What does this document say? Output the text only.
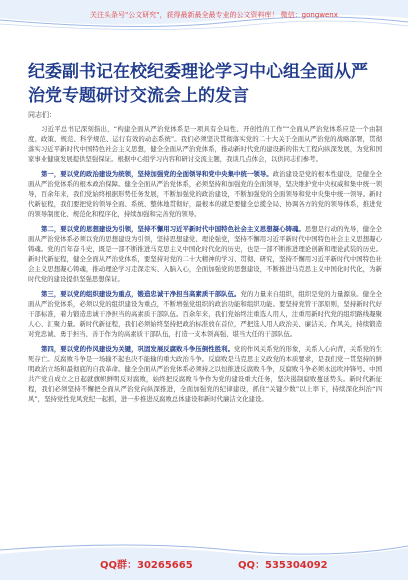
关注头条号"公文研究"，获得最新最全最专业的公文资料库！ 微信：gongwenx
纪委副书记在校纪委理论学习中心组全面从严治党专题研讨交流会上的发言
同志们：

习近平总书记深刻指出，“构建全面从严治党体系是一项具有全局性、开创性的工作”“全面从严治党体系应是一个由制度、政策、规范、科学规范、运行有效的动态系统”。我们必须坚决贯彻落实党的二十大关于全面从严治党的战略部署，贯彻落实习近平新时代中国特色社会主义思想，健全全面从严治党体系，推动新时代党的建设新的伟大工程向纵深发展，为党和国家事业健康发展提供坚强保证。根据中心组学习内容和研讨交流主题，我谈几点体会，以供同志们参考。

第一，要以党的政治建设为统领，坚持加强党的全面领导和党中央集中统一领导。政治建设是党的根本性建设，是健全全面从严治党体系的根本政治保障。健全全面从严治党体系，必须坚持和加强党的全面领导，坚决维护党中央权威和集中统一领导，百余年来，我们党始终根据形势任务发展，不断加强党的政治建设，不断加强党的全面领导和党中央集中统一领导。新时代新征程，我们要把党的领导全面、系统、整体地贯彻好，最根本的就是要健全总揽全局、协调各方的党的领导体系，推进党的领导制度化、规范化和程序化，持续加强和完善党的领导。

第二，要以党的思想建设为引领，坚持不懈用习近平新时代中国特色社会主义思想凝心铸魂。思想是行动的先导，健全全面从严治党体系必须以党的思想建设为引领，坚持思想建党、理论强党，坚持不懈用习近平新时代中国特色社会主义思想凝心铸魂。党的百年奋斗史，既是一部不断推进马克思主义中国化时代化的历史，也是一部不断推进理论创新和理论武装的历史。新时代新征程，健全全面从严治党体系，要坚持对党的二十大精神的学习、贯彻、研究，坚持不懈用习近平新时代中国特色社会主义思想凝心铸魂，推动理论学习走深走实、入脑入心，全面加强党的思想建设，不断推进马克思主义中国化时代化，为新时代党的建设提供坚强思想保证。

第三，要以党的组织建设为重点，锻造忠诚干净担当高素质干部队伍。党的力量来自组织，组织是党的力量源泉。健全全面从严治党体系，必须以党的组织建设为重点，不断增强党组织的政治功能和组织功能。要坚持党管干部原则，坚持新时代好干部标准，着力锻造忠诚干净担当的高素质干部队伍。百余年来，我们党始终注重选人用人，注重用新时代党的组织路线凝聚人心、汇聚力量。新时代新征程，我们必须始终坚持把政治标准放在首位，严把选人用人政治关、廉洁关、作风关，持续锻造对党忠诚、勇于担当、善于作为的高素质干部队伍，打造一支本领高强、堪当大任的干部队伍。

第四，要以党的作风建设为关键，巩固发展反腐败斗争压倒性胜利。党的作风关系党的形象，关系人心向背，关系党的生死存亡。反腐败斗争是一场输不起也决不能输的重大政治斗争。反腐败是马克思主义政党的本质要求，是我们党一贯坚持的鲜明政治立场和最彻底的自我革命。健全全面从严治党体系必须持之以恒推进反腐败斗争，反腐败斗争必须永远吹冲锋号。中国共产党自成立之日起就旗帜鲜明反对腐败，始终把反腐败斗争作为党的建设重大任务，坚决遏制腐败蔓延势头。新时代新征程，我们必须坚持不懈把全面从严治党向纵深推进，全面加强党的纪律建设，抓住“关键少数”以上率下，持续深化纠治“四风”，坚持党性党风党纪一起抓，进一步推进反腐败总体建设和新时代廉洁文化建设。

QQ群：30265665	QQ：535304092
